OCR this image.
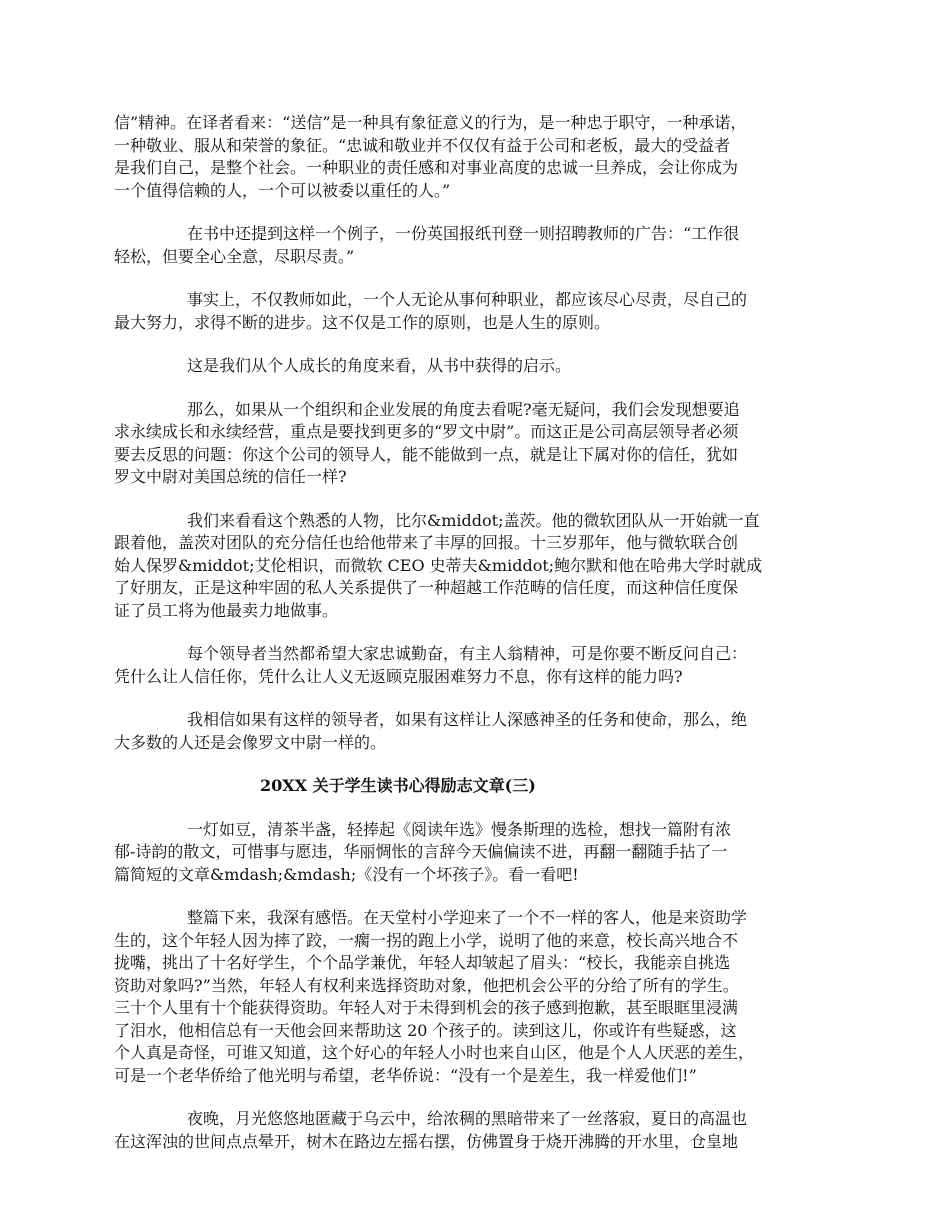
信”精神。在译者看来：“送信”是一种具有象征意义的行为，是一种忠于职守，一种承诺，
一种敬业、服从和荣誉的象征。“忠诚和敬业并不仅仅有益于公司和老板，最大的受益者
是我们自己，是整个社会。一种职业的责任感和对事业高度的忠诚一旦养成，会让你成为
一个值得信赖的人，一个可以被委以重任的人。”
在书中还提到这样一个例子，一份英国报纸刊登一则招聘教师的广告：“工作很
轻松，但要全心全意，尽职尽责。”
事实上，不仅教师如此，一个人无论从事何种职业，都应该尽心尽责，尽自己的
最大努力，求得不断的进步。这不仅是工作的原则，也是人生的原则。
这是我们从个人成长的角度来看，从书中获得的启示。
那么，如果从一个组织和企业发展的角度去看呢?毫无疑问，我们会发现想要追
求永续成长和永续经营，重点是要找到更多的“罗文中尉”。而这正是公司高层领导者必须
要去反思的问题：你这个公司的领导人，能不能做到一点，就是让下属对你的信任，犹如
罗文中尉对美国总统的信任一样?
我们来看看这个熟悉的人物，比尔&middot;盖茨。他的微软团队从一开始就一直
跟着他，盖茨对团队的充分信任也给他带来了丰厚的回报。十三岁那年，他与微软联合创
始人保罗&middot;艾伦相识，而微软 CEO 史蒂夫&middot;鲍尔默和他在哈弗大学时就成
了好朋友，正是这种牢固的私人关系提供了一种超越工作范畴的信任度，而这种信任度保
证了员工将为他最卖力地做事。
每个领导者当然都希望大家忠诚勤奋，有主人翁精神，可是你要不断反问自己：
凭什么让人信任你，凭什么让人义无返顾克服困难努力不息，你有这样的能力吗?
我相信如果有这样的领导者，如果有这样让人深感神圣的任务和使命，那么，绝
大多数的人还是会像罗文中尉一样的。
20XX 关于学生读书心得励志文章(三)
一灯如豆，清茶半盏，轻捧起《阅读年选》慢条斯理的选检，想找一篇附有浓
郁-诗韵的散文，可惜事与愿违，华丽惆怅的言辞今天偏偏读不进，再翻一翻随手拈了一
篇简短的文章&mdash;&mdash;《没有一个坏孩子》。看一看吧!
整篇下来，我深有感悟。在天堂村小学迎来了一个不一样的客人，他是来资助学
生的，这个年轻人因为摔了跤，一瘸一拐的跑上小学，说明了他的来意，校长高兴地合不
拢嘴，挑出了十名好学生，个个品学兼优，年轻人却皱起了眉头：“校长，我能亲自挑选
资助对象吗?”当然，年轻人有权利来选择资助对象，他把机会公平的分给了所有的学生。
三十个人里有十个能获得资助。年轻人对于未得到机会的孩子感到抱歉，甚至眼眶里浸满
了泪水，他相信总有一天他会回来帮助这 20 个孩子的。读到这儿，你或许有些疑惑，这
个人真是奇怪，可谁又知道，这个好心的年轻人小时也来自山区，他是个人人厌恶的差生，
可是一个老华侨给了他光明与希望，老华侨说：“没有一个是差生，我一样爱他们!”
夜晚，月光悠悠地匿藏于乌云中，给浓稠的黑暗带来了一丝落寂，夏日的高温也
在这浑浊的世间点点晕开，树木在路边左摇右摆，仿佛置身于烧开沸腾的开水里，仓皇地
